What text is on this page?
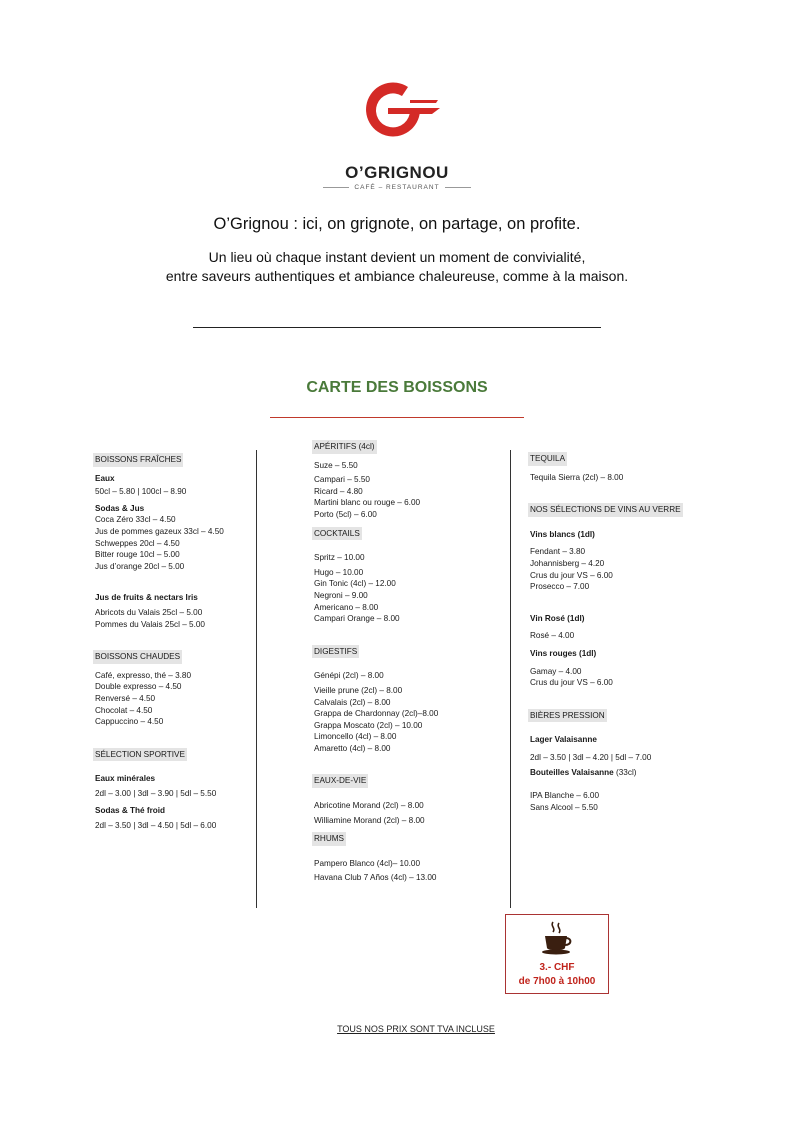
O’GRIGNOU
CAFÉ – RESTAURANT
O’Grignou : ici, on grignote, on partage, on profite.
Un lieu où chaque instant devient un moment de convivialité,
entre saveurs authentiques et ambiance chaleureuse, comme à la maison.
CARTE DES BOISSONS
BOISSONS FRAÎCHES
Eaux
50cl – 5.80 | 100cl – 8.90
Sodas & Jus
Coca Zéro 33cl – 4.50
Jus de pommes gazeux 33cl – 4.50
Schweppes 20cl – 4.50
Bitter rouge 10cl – 5.00
Jus d’orange 20cl – 5.00
Jus de fruits & nectars Iris
Abricots du Valais 25cl – 5.00
Pommes du Valais 25cl – 5.00
BOISSONS CHAUDES
Café, expresso, thé – 3.80
Double expresso – 4.50
Renversé – 4.50
Chocolat – 4.50
Cappuccino – 4.50
SÉLECTION SPORTIVE
Eaux minérales
2dl – 3.00 | 3dl – 3.90 | 5dl – 5.50
Sodas & Thé froid
2dl – 3.50 | 3dl – 4.50 | 5dl – 6.00
APÉRITIFS (4cl)
Suze – 5.50
Campari – 5.50
Ricard – 4.80
Martini blanc ou rouge – 6.00
Porto (5cl) – 6.00
COCKTAILS
Spritz – 10.00
Hugo – 10.00
Gin Tonic (4cl) – 12.00
Negroni – 9.00
Americano – 8.00
Campari Orange – 8.00
DIGESTIFS
Génépi (2cl) – 8.00
Vieille prune (2cl) – 8.00
Calvalais (2cl) – 8.00
Grappa de Chardonnay (2cl)–8.00
Grappa Moscato (2cl) – 10.00
Limoncello (4cl) – 8.00
Amaretto (4cl) – 8.00
EAUX-DE-VIE
Abricotine Morand (2cl) – 8.00
Williamine Morand (2cl) – 8.00
RHUMS
Pampero Blanco (4cl)– 10.00
Havana Club 7 Años (4cl) – 13.00
TEQUILA
Tequila Sierra (2cl) – 8.00
NOS SÉLECTIONS DE VINS AU VERRE
Vins blancs (1dl)
Fendant – 3.80
Johannisberg – 4.20
Crus du jour VS – 6.00
Prosecco – 7.00
Vin Rosé (1dl)
Rosé – 4.00
Vins rouges (1dl)
Gamay – 4.00
Crus du jour VS – 6.00
BIÈRES PRESSION
Lager Valaisanne
2dl – 3.50 | 3dl – 4.20 | 5dl – 7.00
Bouteilles Valaisanne (33cl)
IPA Blanche – 6.00
Sans Alcool – 5.50
3.- CHF
de 7h00 à 10h00
TOUS NOS PRIX SONT TVA INCLUSE
